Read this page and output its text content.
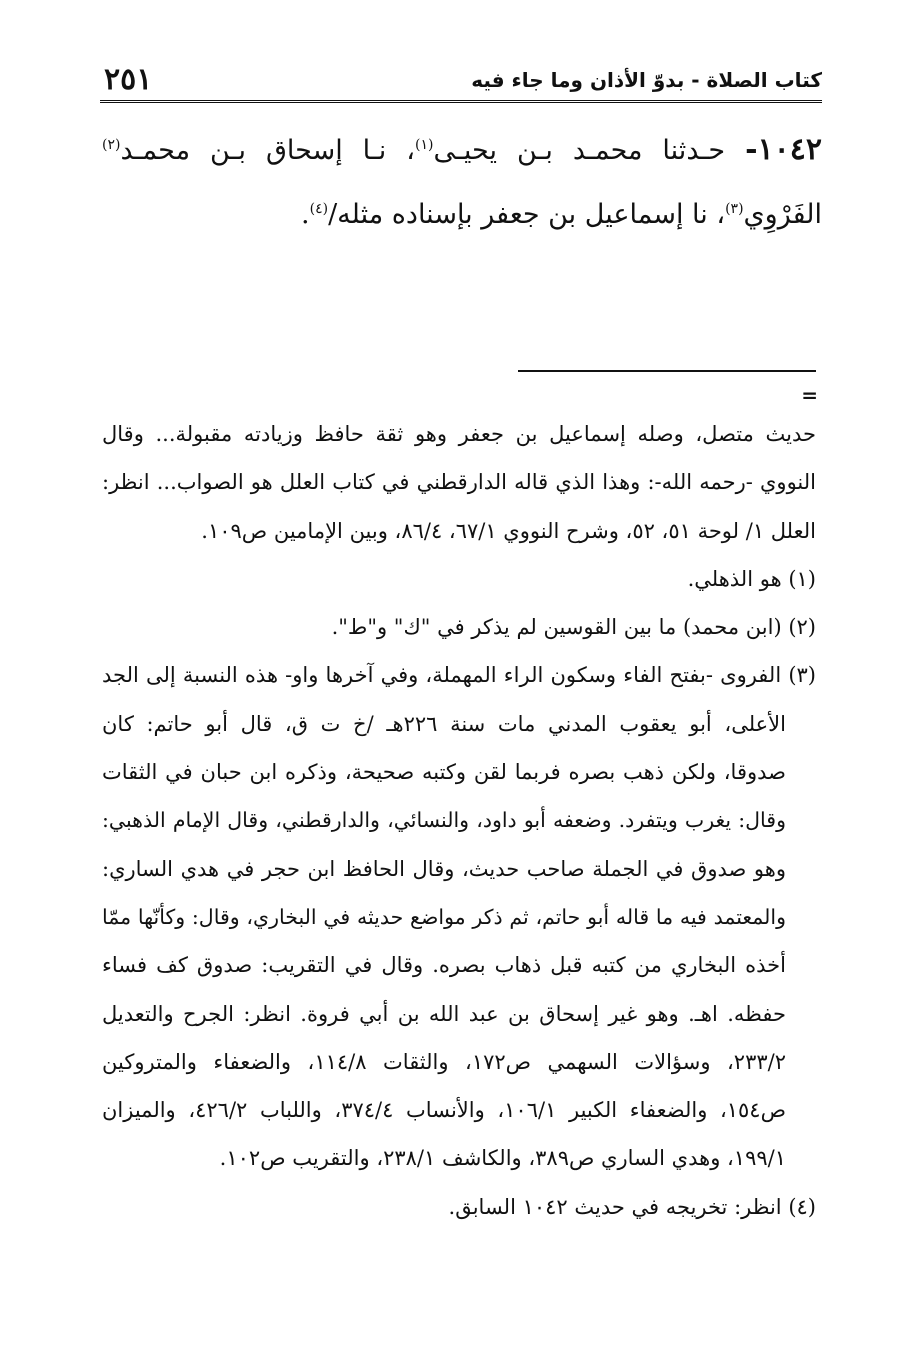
كتاب الصلاة - بدوّ الأذان وما جاء فيه
٢٥١
١٠٤٢- حـدثنا محمـد بـن يحيـى$^{(١)}$، نـا إسحاق بـن محمـد$^{(٢)}$
الفَرْوِي$^{(٣)}$، نا إسماعيل بن جعفر بإسناده مثله/$^{(٤)}$.
=
حديث متصل، وصله إسماعيل بن جعفر وهو ثقة حافظ وزيادته مقبولة... وقال
النووي -رحمه الله-: وهذا الذي قاله الدارقطني في كتاب العلل هو الصواب... انظر:
العلل ١/ لوحة ٥١، ٥٢، وشرح النووي ٦٧/١، ٨٦/٤، وبين الإمامين ص١٠٩.
(١) هو الذهلي.
(٢) (ابن محمد) ما بين القوسين لم يذكر في "ك" و"ط".
(٣) الفروى -بفتح الفاء وسكون الراء المهملة، وفي آخرها واو- هذه النسبة إلى الجد
الأعلى، أبو يعقوب المدني مات سنة ٢٢٦هـ /خ ت ق، قال أبو حاتم: كان
صدوقا، ولكن ذهب بصره فربما لقن وكتبه صحيحة، وذكره ابن حبان في الثقات
وقال: يغرب ويتفرد. وضعفه أبو داود، والنسائي، والدارقطني، وقال الإمام الذهبي:
وهو صدوق في الجملة صاحب حديث، وقال الحافظ ابن حجر في هدي الساري:
والمعتمد فيه ما قاله أبو حاتم، ثم ذكر مواضع حديثه في البخاري، وقال: وكأنّها ممّا
أخذه البخاري من كتبه قبل ذهاب بصره. وقال في التقريب: صدوق كف فساء
حفظه. اهـ. وهو غير إسحاق بن عبد الله بن أبي فروة. انظر: الجرح والتعديل
٢٣٣/٢، وسؤالات السهمي ص١٧٢، والثقات ١١٤/٨، والضعفاء والمتروكين
ص١٥٤، والضعفاء الكبير ١٠٦/١، والأنساب ٣٧٤/٤، واللباب ٤٢٦/٢، والميزان
١٩٩/١، وهدي الساري ص٣٨٩، والكاشف ٢٣٨/١، والتقريب ص١٠٢.
(٤) انظر: تخريجه في حديث ١٠٤٢ السابق.
